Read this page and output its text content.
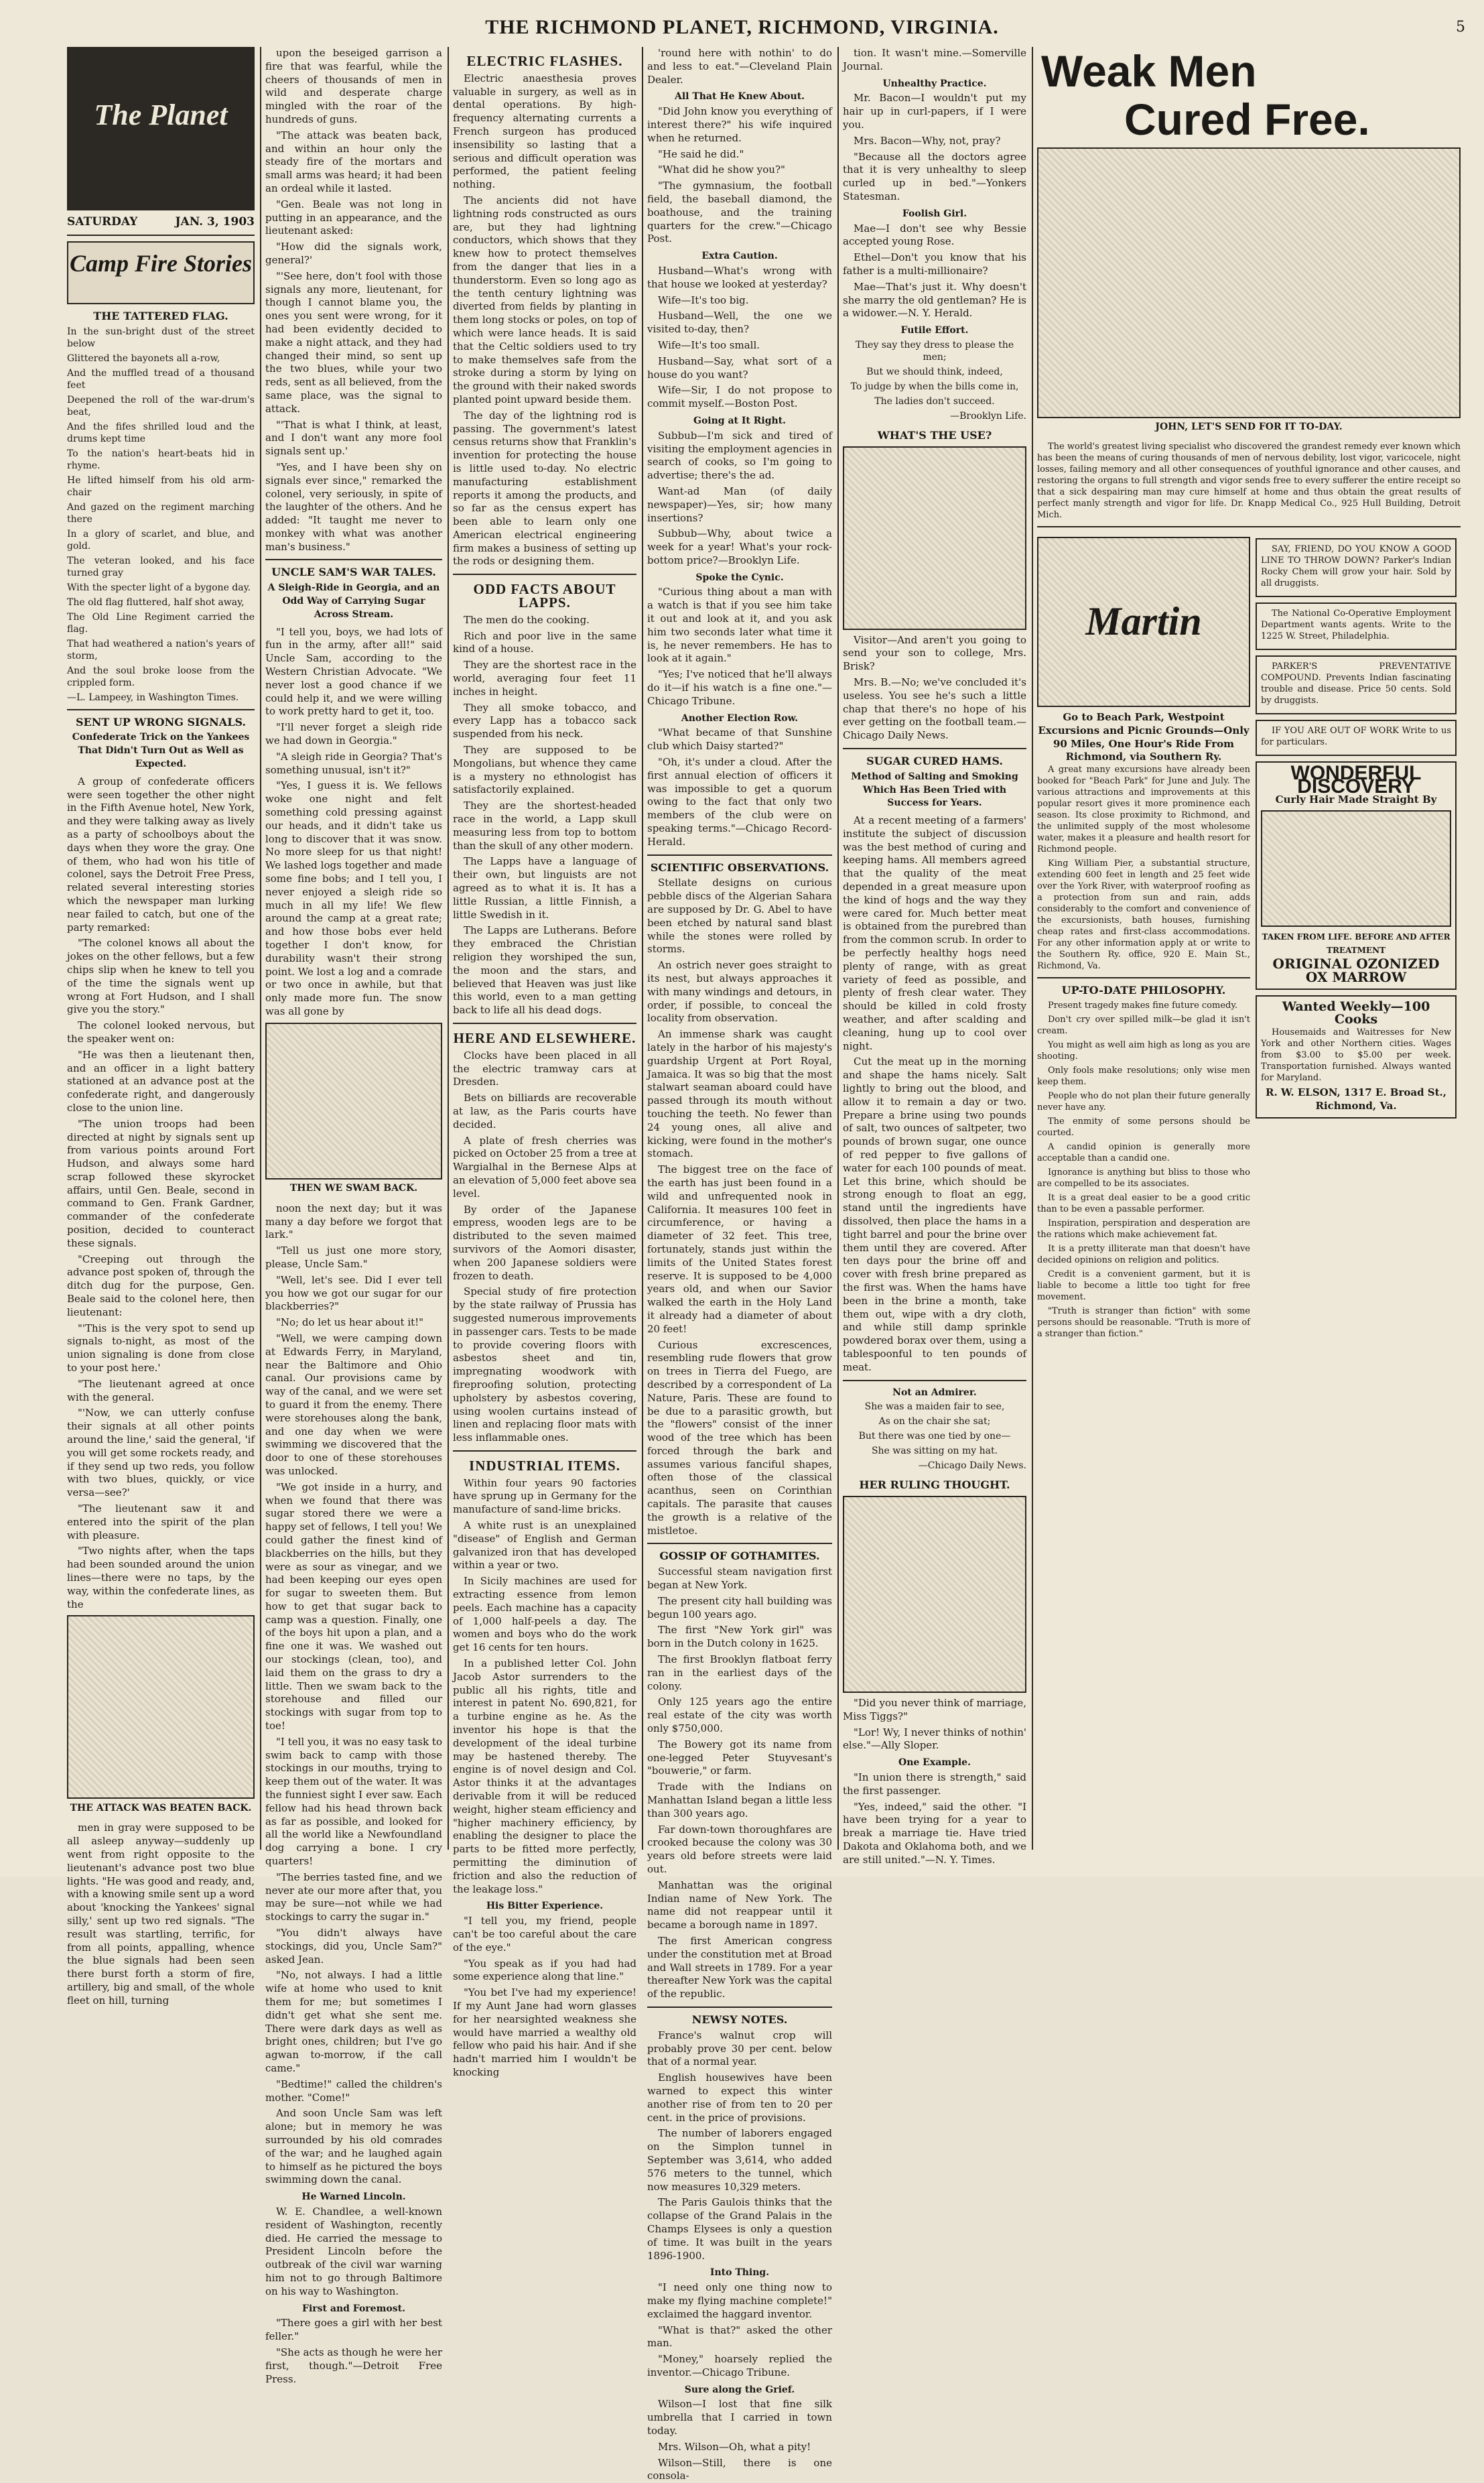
THE RICHMOND PLANET, RICHMOND, VIRGINIA.	5
The Planet
SATURDAY	JAN. 3, 1903
Camp Fire Stories
THE TATTERED FLAG.
In the sun-bright dust of the street below
Glittered the bayonets all a-row,
And the muffled tread of a thousand feet
Deepened the roll of the war-drum's beat,
And the fifes shrilled loud and the drums kept time
To the nation's heart-beats hid in rhyme.
He lifted himself from his old arm-chair
And gazed on the regiment marching there
In a glory of scarlet, and blue, and gold.
The veteran looked, and his face turned gray
With the specter light of a bygone day.
The old flag fluttered, half shot away,
The Old Line Regiment carried the flag.
That had weathered a nation's years of storm,
And the soul broke loose from the crippled form.
—L. Lampeey, in Washington Times.
SENT UP WRONG SIGNALS.
Confederate Trick on the Yankees That Didn't Turn Out as Well as Expected.

A group of confederate officers were seen together the other night in the Fifth Avenue hotel, New York, and they were talking away as lively as a party of schoolboys about the days when they wore the gray. One of them, who had won his title of colonel, says the Detroit Free Press, related several interesting stories which the newspaper man lurking near failed to catch, but one of the party remarked:

"The colonel knows all about the jokes on the other fellows, but a few chips slip when he knew to tell you of the time the signals went up wrong at Fort Hudson, and I shall give you the story."

The colonel looked nervous, but the speaker went on:

"He was then a lieutenant then, and an officer in a light battery stationed at an advance post at the confederate right, and dangerously close to the union line.

"The union troops had been directed at night by signals sent up from various points around Fort Hudson, and always some hard scrap followed these skyrocket affairs, until Gen. Beale, second in command to Gen. Frank Gardner, commander of the confederate position, decided to counteract these signals.

"Creeping out through the advance post spoken of, through the ditch dug for the purpose, Gen. Beale said to the colonel here, then lieutenant:

"'This is the very spot to send up signals to-night, as most of the union signaling is done from close to your post here.'

"The lieutenant agreed at once with the general.

"'Now, we can utterly confuse their signals at all other points around the line,' said the general, 'if you will get some rockets ready, and if they send up two reds, you follow with two blues, quickly, or vice versa—see?'

"The lieutenant saw it and entered into the spirit of the plan with pleasure.

"Two nights after, when the taps had been sounded around the union lines—there were no taps, by the way, within the confederate lines, as the

THE ATTACK WAS BEATEN BACK.

men in gray were supposed to be all asleep anyway—suddenly up went from right opposite to the lieutenant's advance post two blue lights. "He was good and ready, and, with a knowing smile sent up a word about 'knocking the Yankees' signal silly,' sent up two red signals. "The result was startling, terrific, for from all points, appalling, whence the blue signals had been seen there burst forth a storm of fire, artillery, big and small, of the whole fleet on hill, turning

upon the beseiged garrison a fire that was fearful, while the cheers of thousands of men in wild and desperate charge mingled with the roar of the hundreds of guns.

"The attack was beaten back, and within an hour only the steady fire of the mortars and small arms was heard; it had been an ordeal while it lasted.

"Gen. Beale was not long in putting in an appearance, and the lieutenant asked:

"How did the signals work, general?'

"'See here, don't fool with those signals any more, lieutenant, for though I cannot blame you, the ones you sent were wrong, for it had been evidently decided to make a night attack, and they had changed their mind, so sent up the two blues, while your two reds, sent as all believed, from the same place, was the signal to attack.

"'That is what I think, at least, and I don't want any more fool signals sent up.'

"Yes, and I have been shy on signals ever since," remarked the colonel, very seriously, in spite of the laughter of the others. And he added: "It taught me never to monkey with what was another man's business."

UNCLE SAM'S WAR TALES.
A Sleigh-Ride in Georgia, and an Odd Way of Carrying Sugar Across Stream.

"I tell you, boys, we had lots of fun in the army, after all!" said Uncle Sam, according to the Western Christian Advocate. "We never lost a good chance if we could help it, and we were willing to work pretty hard to get it, too.

"I'll never forget a sleigh ride we had down in Georgia."

"A sleigh ride in Georgia? That's something unusual, isn't it?"

"Yes, I guess it is. We fellows woke one night and felt something cold pressing against our heads, and it didn't take us long to discover that it was snow. No more sleep for us that night! We lashed logs together and made some fine bobs; and I tell you, I never enjoyed a sleigh ride so much in all my life! We flew around the camp at a great rate; and how those bobs ever held together I don't know, for durability wasn't their strong point. We lost a log and a comrade or two once in awhile, but that only made more fun. The snow was all gone by

THEN WE SWAM BACK.

noon the next day; but it was many a day before we forgot that lark."

"Tell us just one more story, please, Uncle Sam."

"Well, let's see. Did I ever tell you how we got our sugar for our blackberries?"

"No; do let us hear about it!"

"Well, we were camping down at Edwards Ferry, in Maryland, near the Baltimore and Ohio canal. Our provisions came by way of the canal, and we were set to guard it from the enemy. There were storehouses along the bank, and one day when we were swimming we discovered that the door to one of these storehouses was unlocked.

"We got inside in a hurry, and when we found that there was sugar stored there we were a happy set of fellows, I tell you! We could gather the finest kind of blackberries on the hills, but they were as sour as vinegar, and we had been keeping our eyes open for sugar to sweeten them. But how to get that sugar back to camp was a question. Finally, one of the boys hit upon a plan, and a fine one it was. We washed out our stockings (clean, too), and laid them on the grass to dry a little. Then we swam back to the storehouse and filled our stockings with sugar from top to toe!

"I tell you, it was no easy task to swim back to camp with those stockings in our mouths, trying to keep them out of the water. It was the funniest sight I ever saw. Each fellow had his head thrown back as far as possible, and looked for all the world like a Newfoundland dog carrying a bone. I cry quarters!

"The berries tasted fine, and we never ate our more after that, you may be sure—not while we had stockings to carry the sugar in."

"You didn't always have stockings, did you, Uncle Sam?" asked Jean.

"No, not always. I had a little wife at home who used to knit them for me; but sometimes I didn't get what she sent me. There were dark days as well as bright ones, children; but I've go agwan to-morrow, if the call came."

"Bedtime!" called the children's mother. "Come!"

And soon Uncle Sam was left alone; but in memory he was surrounded by his old comrades of the war; and he laughed again to himself as he pictured the boys swimming down the canal.

He Warned Lincoln.

W. E. Chandlee, a well-known resident of Washington, recently died. He carried the message to President Lincoln before the outbreak of the civil war warning him not to go through Baltimore on his way to Washington.

First and Foremost.

"There goes a girl with her best feller."

"She acts as though he were her first, though."—Detroit Free Press.

ELECTRIC FLASHES.

Electric anaesthesia proves valuable in surgery, as well as in dental operations. By high-frequency alternating currents a French surgeon has produced insensibility so lasting that a serious and difficult operation was performed, the patient feeling nothing.

The ancients did not have lightning rods constructed as ours are, but they had lightning conductors, which shows that they knew how to protect themselves from the danger that lies in a thunderstorm. Even so long ago as the tenth century lightning was diverted from fields by planting in them long stocks or poles, on top of which were lance heads. It is said that the Celtic soldiers used to try to make themselves safe from the stroke during a storm by lying on the ground with their naked swords planted point upward beside them.

The day of the lightning rod is passing. The government's latest census returns show that Franklin's invention for protecting the house is little used to-day. No electric manufacturing establishment reports it among the products, and so far as the census expert has been able to learn only one American electrical engineering firm makes a business of setting up the rods or designing them.

ODD FACTS ABOUT LAPPS.

The men do the cooking.

Rich and poor live in the same kind of a house.

They are the shortest race in the world, averaging four feet 11 inches in height.

They all smoke tobacco, and every Lapp has a tobacco sack suspended from his neck.

They are supposed to be Mongolians, but whence they came is a mystery no ethnologist has satisfactorily explained.

They are the shortest-headed race in the world, a Lapp skull measuring less from top to bottom than the skull of any other modern.

The Lapps have a language of their own, but linguists are not agreed as to what it is. It has a little Russian, a little Finnish, a little Swedish in it.

The Lapps are Lutherans. Before they embraced the Christian religion they worshiped the sun, the moon and the stars, and believed that Heaven was just like this world, even to a man getting back to life all his dead dogs.

HERE AND ELSEWHERE.

Clocks have been placed in all the electric tramway cars at Dresden.

Bets on billiards are recoverable at law, as the Paris courts have decided.

A plate of fresh cherries was picked on October 25 from a tree at Wargialhal in the Bernese Alps at an elevation of 5,000 feet above sea level.

By order of the Japanese empress, wooden legs are to be distributed to the seven maimed survivors of the Aomori disaster, when 200 Japanese soldiers were frozen to death.

Special study of fire protection by the state railway of Prussia has suggested numerous improvements in passenger cars. Tests to be made to provide covering floors with asbestos sheet and tin, impregnating woodwork with fireproofing solution, protecting upholstery by asbestos covering, using woolen curtains instead of linen and replacing floor mats with less inflammable ones.

INDUSTRIAL ITEMS.

Within four years 90 factories have sprung up in Germany for the manufacture of sand-lime bricks.

A white rust is an unexplained "disease" of English and German galvanized iron that has developed within a year or two.

In Sicily machines are used for extracting essence from lemon peels. Each machine has a capacity of 1,000 half-peels a day. The women and boys who do the work get 16 cents for ten hours.

In a published letter Col. John Jacob Astor surrenders to the public all his rights, title and interest in patent No. 690,821, for a turbine engine as he. As the inventor his hope is that the development of the ideal turbine may be hastened thereby. The engine is of novel design and Col. Astor thinks it at the advantages derivable from it will be reduced weight, higher steam efficiency and "higher machinery efficiency, by enabling the designer to place the parts to be fitted more perfectly, permitting the diminution of friction and also the reduction of the leakage loss."

His Bitter Experience.

"I tell you, my friend, people can't be too careful about the care of the eye."

"You speak as if you had had some experience along that line."

"You bet I've had my experience! If my Aunt Jane had worn glasses for her nearsighted weakness she would have married a wealthy old fellow who paid his hair. And if she hadn't married him I wouldn't be knocking

'round here with nothin' to do and less to eat."—Cleveland Plain Dealer.

All That He Knew About.

"Did John know you everything of interest there?" his wife inquired when he returned.

"He said he did."

"What did he show you?"

"The gymnasium, the football field, the baseball diamond, the boathouse, and the training quarters for the crew."—Chicago Post.

Extra Caution.

Husband—What's wrong with that house we looked at yesterday?

Wife—It's too big.

Husband—Well, the one we visited to-day, then?

Wife—It's too small.

Husband—Say, what sort of a house do you want?

Wife—Sir, I do not propose to commit myself.—Boston Post.

Going at It Right.

Subbub—I'm sick and tired of visiting the employment agencies in search of cooks, so I'm going to advertise; there's the ad.

Want-ad Man (of daily newspaper)—Yes, sir; how many insertions?

Subbub—Why, about twice a week for a year! What's your rock-bottom price?—Brooklyn Life.

Spoke the Cynic.

"Curious thing about a man with a watch is that if you see him take it out and look at it, and you ask him two seconds later what time it is, he never remembers. He has to look at it again."

"Yes; I've noticed that he'll always do it—if his watch is a fine one."—Chicago Tribune.

Another Election Row.

"What became of that Sunshine club which Daisy started?"

"Oh, it's under a cloud. After the first annual election of officers it was impossible to get a quorum owing to the fact that only two members of the club were on speaking terms."—Chicago Record-Herald.

SCIENTIFIC OBSERVATIONS.

Stellate designs on curious pebble discs of the Algerian Sahara are supposed by Dr. G. Abel to have been etched by natural sand blast while the stones were rolled by storms.

An ostrich never goes straight to its nest, but always approaches it with many windings and detours, in order, if possible, to conceal the locality from observation.

An immense shark was caught lately in the harbor of his majesty's guardship Urgent at Port Royal, Jamaica. It was so big that the most stalwart seaman aboard could have passed through its mouth without touching the teeth. No fewer than 24 young ones, all alive and kicking, were found in the mother's stomach.

The biggest tree on the face of the earth has just been found in a wild and unfrequented nook in California. It measures 100 feet in circumference, or having a diameter of 32 feet. This tree, fortunately, stands just within the limits of the United States forest reserve. It is supposed to be 4,000 years old, and when our Savior walked the earth in the Holy Land it already had a diameter of about 20 feet!

Curious excrescences, resembling rude flowers that grow on trees in Tierra del Fuego, are described by a correspondent of La Nature, Paris. These are found to be due to a parasitic growth, but the "flowers" consist of the inner wood of the tree which has been forced through the bark and assumes various fanciful shapes, often those of the classical acanthus, seen on Corinthian capitals. The parasite that causes the growth is a relative of the mistletoe.

GOSSIP OF GOTHAMITES.

Successful steam navigation first began at New York.

The present city hall building was begun 100 years ago.

The first "New York girl" was born in the Dutch colony in 1625.

The first Brooklyn flatboat ferry ran in the earliest days of the colony.

Only 125 years ago the entire real estate of the city was worth only $750,000.

The Bowery got its name from one-legged Peter Stuyvesant's "bouwerie," or farm.

Trade with the Indians on Manhattan Island began a little less than 300 years ago.

Far down-town thoroughfares are crooked because the colony was 30 years old before streets were laid out.

Manhattan was the original Indian name of New York. The name did not reappear until it became a borough name in 1897.

The first American congress under the constitution met at Broad and Wall streets in 1789. For a year thereafter New York was the capital of the republic.

NEWSY NOTES.

France's walnut crop will probably prove 30 per cent. below that of a normal year.

English housewives have been warned to expect this winter another rise of from ten to 20 per cent. in the price of provisions.

The number of laborers engaged on the Simplon tunnel in September was 3,614, who added 576 meters to the tunnel, which now measures 10,329 meters.

The Paris Gaulois thinks that the collapse of the Grand Palais in the Champs Elysees is only a question of time. It was built in the years 1896-1900.

Into Thing.

"I need only one thing now to make my flying machine complete!" exclaimed the haggard inventor.

"What is that?" asked the other man.

"Money," hoarsely replied the inventor.—Chicago Tribune.

Sure along the Grief.

Wilson—I lost that fine silk umbrella that I carried in town today.

Mrs. Wilson—Oh, what a pity!

Wilson—Still, there is one consola-

tion. It wasn't mine.—Somerville Journal.

Unhealthy Practice.

Mr. Bacon—I wouldn't put my hair up in curl-papers, if I were you.

Mrs. Bacon—Why, not, pray?

"Because all the doctors agree that it is very unhealthy to sleep curled up in bed."—Yonkers Statesman.

Foolish Girl.

Mae—I don't see why Bessie accepted young Rose.

Ethel—Don't you know that his father is a multi-millionaire?

Mae—That's just it. Why doesn't she marry the old gentleman? He is a widower.—N. Y. Herald.

Futile Effort.
They say they dress to please the men;
But we should think, indeed,
To judge by when the bills come in,
The ladies don't succeed.
—Brooklyn Life.
WHAT'S THE USE?

Visitor—And aren't you going to send your son to college, Mrs. Brisk?

Mrs. B.—No; we've concluded it's useless. You see he's such a little chap that there's no hope of his ever getting on the football team.—Chicago Daily News.

SUGAR CURED HAMS.
Method of Salting and Smoking Which Has Been Tried with Success for Years.

At a recent meeting of a farmers' institute the subject of discussion was the best method of curing and keeping hams. All members agreed that the quality of the meat depended in a great measure upon the kind of hogs and the way they were cared for. Much better meat is obtained from the purebred than from the common scrub. In order to be perfectly healthy hogs need plenty of range, with as great variety of feed as possible, and plenty of fresh clear water. They should be killed in cold frosty weather, and after scalding and cleaning, hung up to cool over night.

Cut the meat up in the morning and shape the hams nicely. Salt lightly to bring out the blood, and allow it to remain a day or two. Prepare a brine using two pounds of salt, two ounces of saltpeter, two pounds of brown sugar, one ounce of red pepper to five gallons of water for each 100 pounds of meat. Let this brine, which should be strong enough to float an egg, stand until the ingredients have dissolved, then place the hams in a tight barrel and pour the brine over them until they are covered. After ten days pour the brine off and cover with fresh brine prepared as the first was. When the hams have been in the brine a month, take them out, wipe with a dry cloth, and while still damp sprinkle powdered borax over them, using a tablespoonful to ten pounds of meat.

Not an Admirer.
She was a maiden fair to see,
As on the chair she sat;
But there was one tied by one—
She was sitting on my hat.
—Chicago Daily News.
HER RULING THOUGHT.

"Did you never think of marriage, Miss Tiggs?"

"Lor! Wy, I never thinks of nothin' else."—Ally Sloper.

One Example.

"In union there is strength," said the first passenger.

"Yes, indeed," said the other. "I have been trying for a year to break a marriage tie. Have tried Dakota and Oklahoma both, and we are still united."—N. Y. Times.

Weak Men
Cured Free.
JOHN, LET'S SEND FOR IT TO-DAY.

The world's greatest living specialist who discovered the grandest remedy ever known which has been the means of curing thousands of men of nervous debility, lost vigor, varicocele, night losses, failing memory and all other consequences of youthful ignorance and other causes, and restoring the organs to full strength and vigor sends free to every sufferer the entire receipt so that a sick despairing man may cure himself at home and thus obtain the great results of perfect manly strength and vigor for life. Dr. Knapp Medical Co., 925 Hull Building, Detroit Mich.

Martin
Go to Beach Park, Westpoint Excursions and Picnic Grounds—Only 90 Miles, One Hour's Ride From Richmond, via Southern Ry.

A great many excursions have already been booked for "Beach Park" for June and July. The various attractions and improvements at this popular resort gives it more prominence each season. Its close proximity to Richmond, and the unlimited supply of the most wholesome water, makes it a pleasure and health resort for Richmond people.

King William Pier, a substantial structure, extending 600 feet in length and 25 feet wide over the York River, with waterproof roofing as a protection from sun and rain, adds considerably to the comfort and convenience of the excursionists, bath houses, furnishing cheap rates and first-class accommodations. For any other information apply at or write to the Southern Ry. office, 920 E. Main St., Richmond, Va.

UP-TO-DATE PHILOSOPHY.

Present tragedy makes fine future comedy.

Don't cry over spilled milk—be glad it isn't cream.

You might as well aim high as long as you are shooting.

Only fools make resolutions; only wise men keep them.

People who do not plan their future generally never have any.

The enmity of some persons should be courted.

A candid opinion is generally more acceptable than a candid one.

Ignorance is anything but bliss to those who are compelled to be its associates.

It is a great deal easier to be a good critic than to be even a passable performer.

Inspiration, perspiration and desperation are the rations which make achievement fat.

It is a pretty illiterate man that doesn't have decided opinions on religion and politics.

Credit is a convenient garment, but it is liable to become a little too tight for free movement.

"Truth is stranger than fiction" with some persons should be reasonable. "Truth is more of a stranger than fiction."

SAY, FRIEND, DO YOU KNOW A GOOD LINE TO THROW DOWN? Parker's Indian Rocky Chem will grow your hair. Sold by all druggists.

The National Co-Operative Employment Department wants agents. Write to the 1225 W. Street, Philadelphia.

PARKER'S PREVENTATIVE COMPOUND. Prevents Indian fascinating trouble and disease. Price 50 cents. Sold by druggists.

IF YOU ARE OUT OF WORK Write to us for particulars.

WONDERFUL DISCOVERY
Curly Hair Made Straight By
TAKEN FROM LIFE. BEFORE AND AFTER TREATMENT
ORIGINAL OZONIZED OX MARROW
Wanted Weekly—100 Cooks

Housemaids and Waitresses for New York and other Northern cities. Wages from $3.00 to $5.00 per week. Transportation furnished. Always wanted for Maryland.

R. W. ELSON, 1317 E. Broad St., Richmond, Va.
